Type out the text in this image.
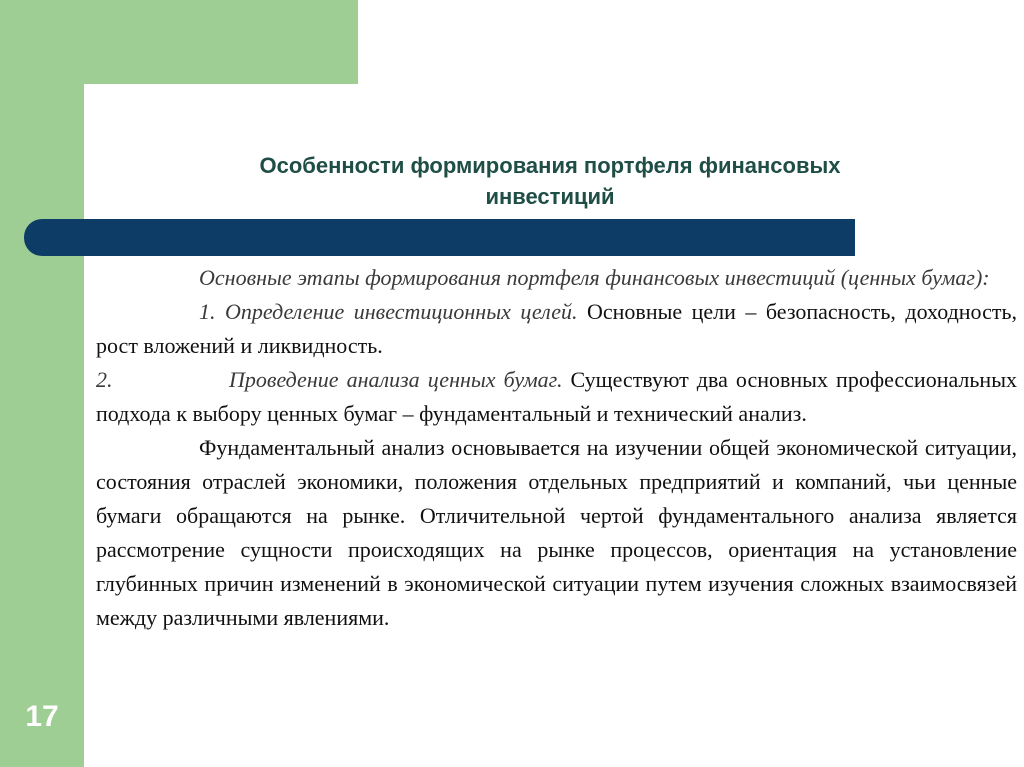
Особенности формирования портфеля финансовых
инвестиций

Основные этапы формирования портфеля финансовых инвестиций (ценных бумаг):

1. Определение инвестиционных целей. Основные цели – безопасность, доходность, рост вложений и ликвидность.

2.	Проведение анализа ценных бумаг. Существуют два основных профессиональных подхода к выбору ценных бумаг – фундаментальный и технический анализ.

Фундаментальный анализ основывается на изучении общей экономической ситуации, состояния отраслей экономики, положения отдельных предприятий и компаний, чьи ценные бумаги обращаются на рынке. Отличительной чертой фундаментального анализа является рассмотрение сущности происходящих на рынке процессов, ориентация на установление глубинных причин изменений в экономической ситуации путем изучения сложных взаимосвязей между различными явлениями.

17
